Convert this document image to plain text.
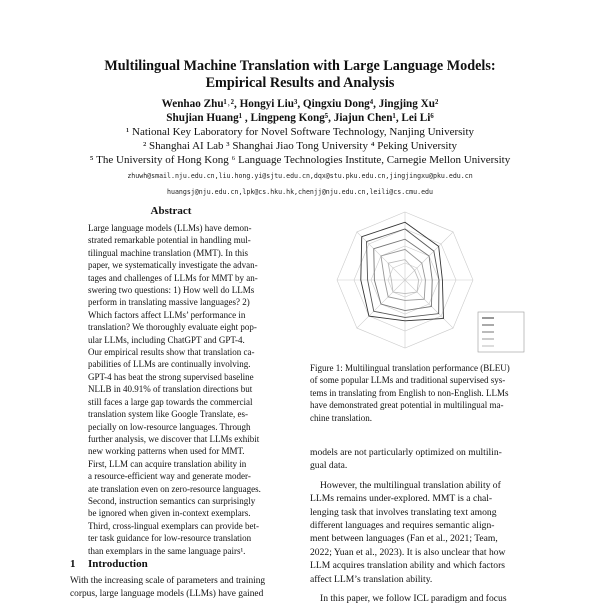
Multilingual Machine Translation with Large Language Models:
Empirical Results and Analysis
Wenhao Zhu¹˒², Hongyi Liu³, Qingxiu Dong⁴, Jingjing Xu²
Shujian Huang¹ , Lingpeng Kong⁵, Jiajun Chen¹, Lei Li⁶
¹ National Key Laboratory for Novel Software Technology, Nanjing University
² Shanghai AI Lab ³ Shanghai Jiao Tong University ⁴ Peking University
⁵ The University of Hong Kong ⁶ Language Technologies Institute, Carnegie Mellon University
zhuwh@smail.nju.edu.cn,liu.hong.yi@sjtu.edu.cn,dqx@stu.pku.edu.cn,jingjingxu@pku.edu.cn
huangsj@nju.edu.cn,lpk@cs.hku.hk,chenjj@nju.edu.cn,leili@cs.cmu.edu
Abstract
Large language models (LLMs) have demon-
strated remarkable potential in handling mul-
tilingual machine translation (MMT). In this
paper, we systematically investigate the advan-
tages and challenges of LLMs for MMT by an-
swering two questions: 1) How well do LLMs
perform in translating massive languages? 2)
Which factors affect LLMs’ performance in
translation? We thoroughly evaluate eight pop-
ular LLMs, including ChatGPT and GPT-4.
Our empirical results show that translation ca-
pabilities of LLMs are continually involving.
GPT-4 has beat the strong supervised baseline
NLLB in 40.91% of translation directions but
still faces a large gap towards the commercial
translation system like Google Translate, es-
pecially on low-resource languages. Through
further analysis, we discover that LLMs exhibit
new working patterns when used for MMT.
First, LLM can acquire translation ability in
a resource-efficient way and generate moder-
ate translation even on zero-resource languages.
Second, instruction semantics can surprisingly
be ignored when given in-context exemplars.
Third, cross-lingual exemplars can provide bet-
ter task guidance for low-resource translation
than exemplars in the same language pairs¹.
1 Introduction
With the increasing scale of parameters and training
corpus, large language models (LLMs) have gained
Figure 1: Multilingual translation performance (BLEU)
of some popular LLMs and traditional supervised sys-
tems in translating from English to non-English. LLMs
have demonstrated great potential in multilingual ma-
chine translation.
models are not particularly optimized on multilin-
gual data.
However, the multilingual translation ability of
LLMs remains under-explored. MMT is a chal-
lenging task that involves translating text among
different languages and requires semantic align-
ment between languages (Fan et al., 2021; Team,
2022; Yuan et al., 2023). It is also unclear that how
LLM acquires translation ability and which factors
affect LLM’s translation ability.
In this paper, we follow ICL paradigm and focus
